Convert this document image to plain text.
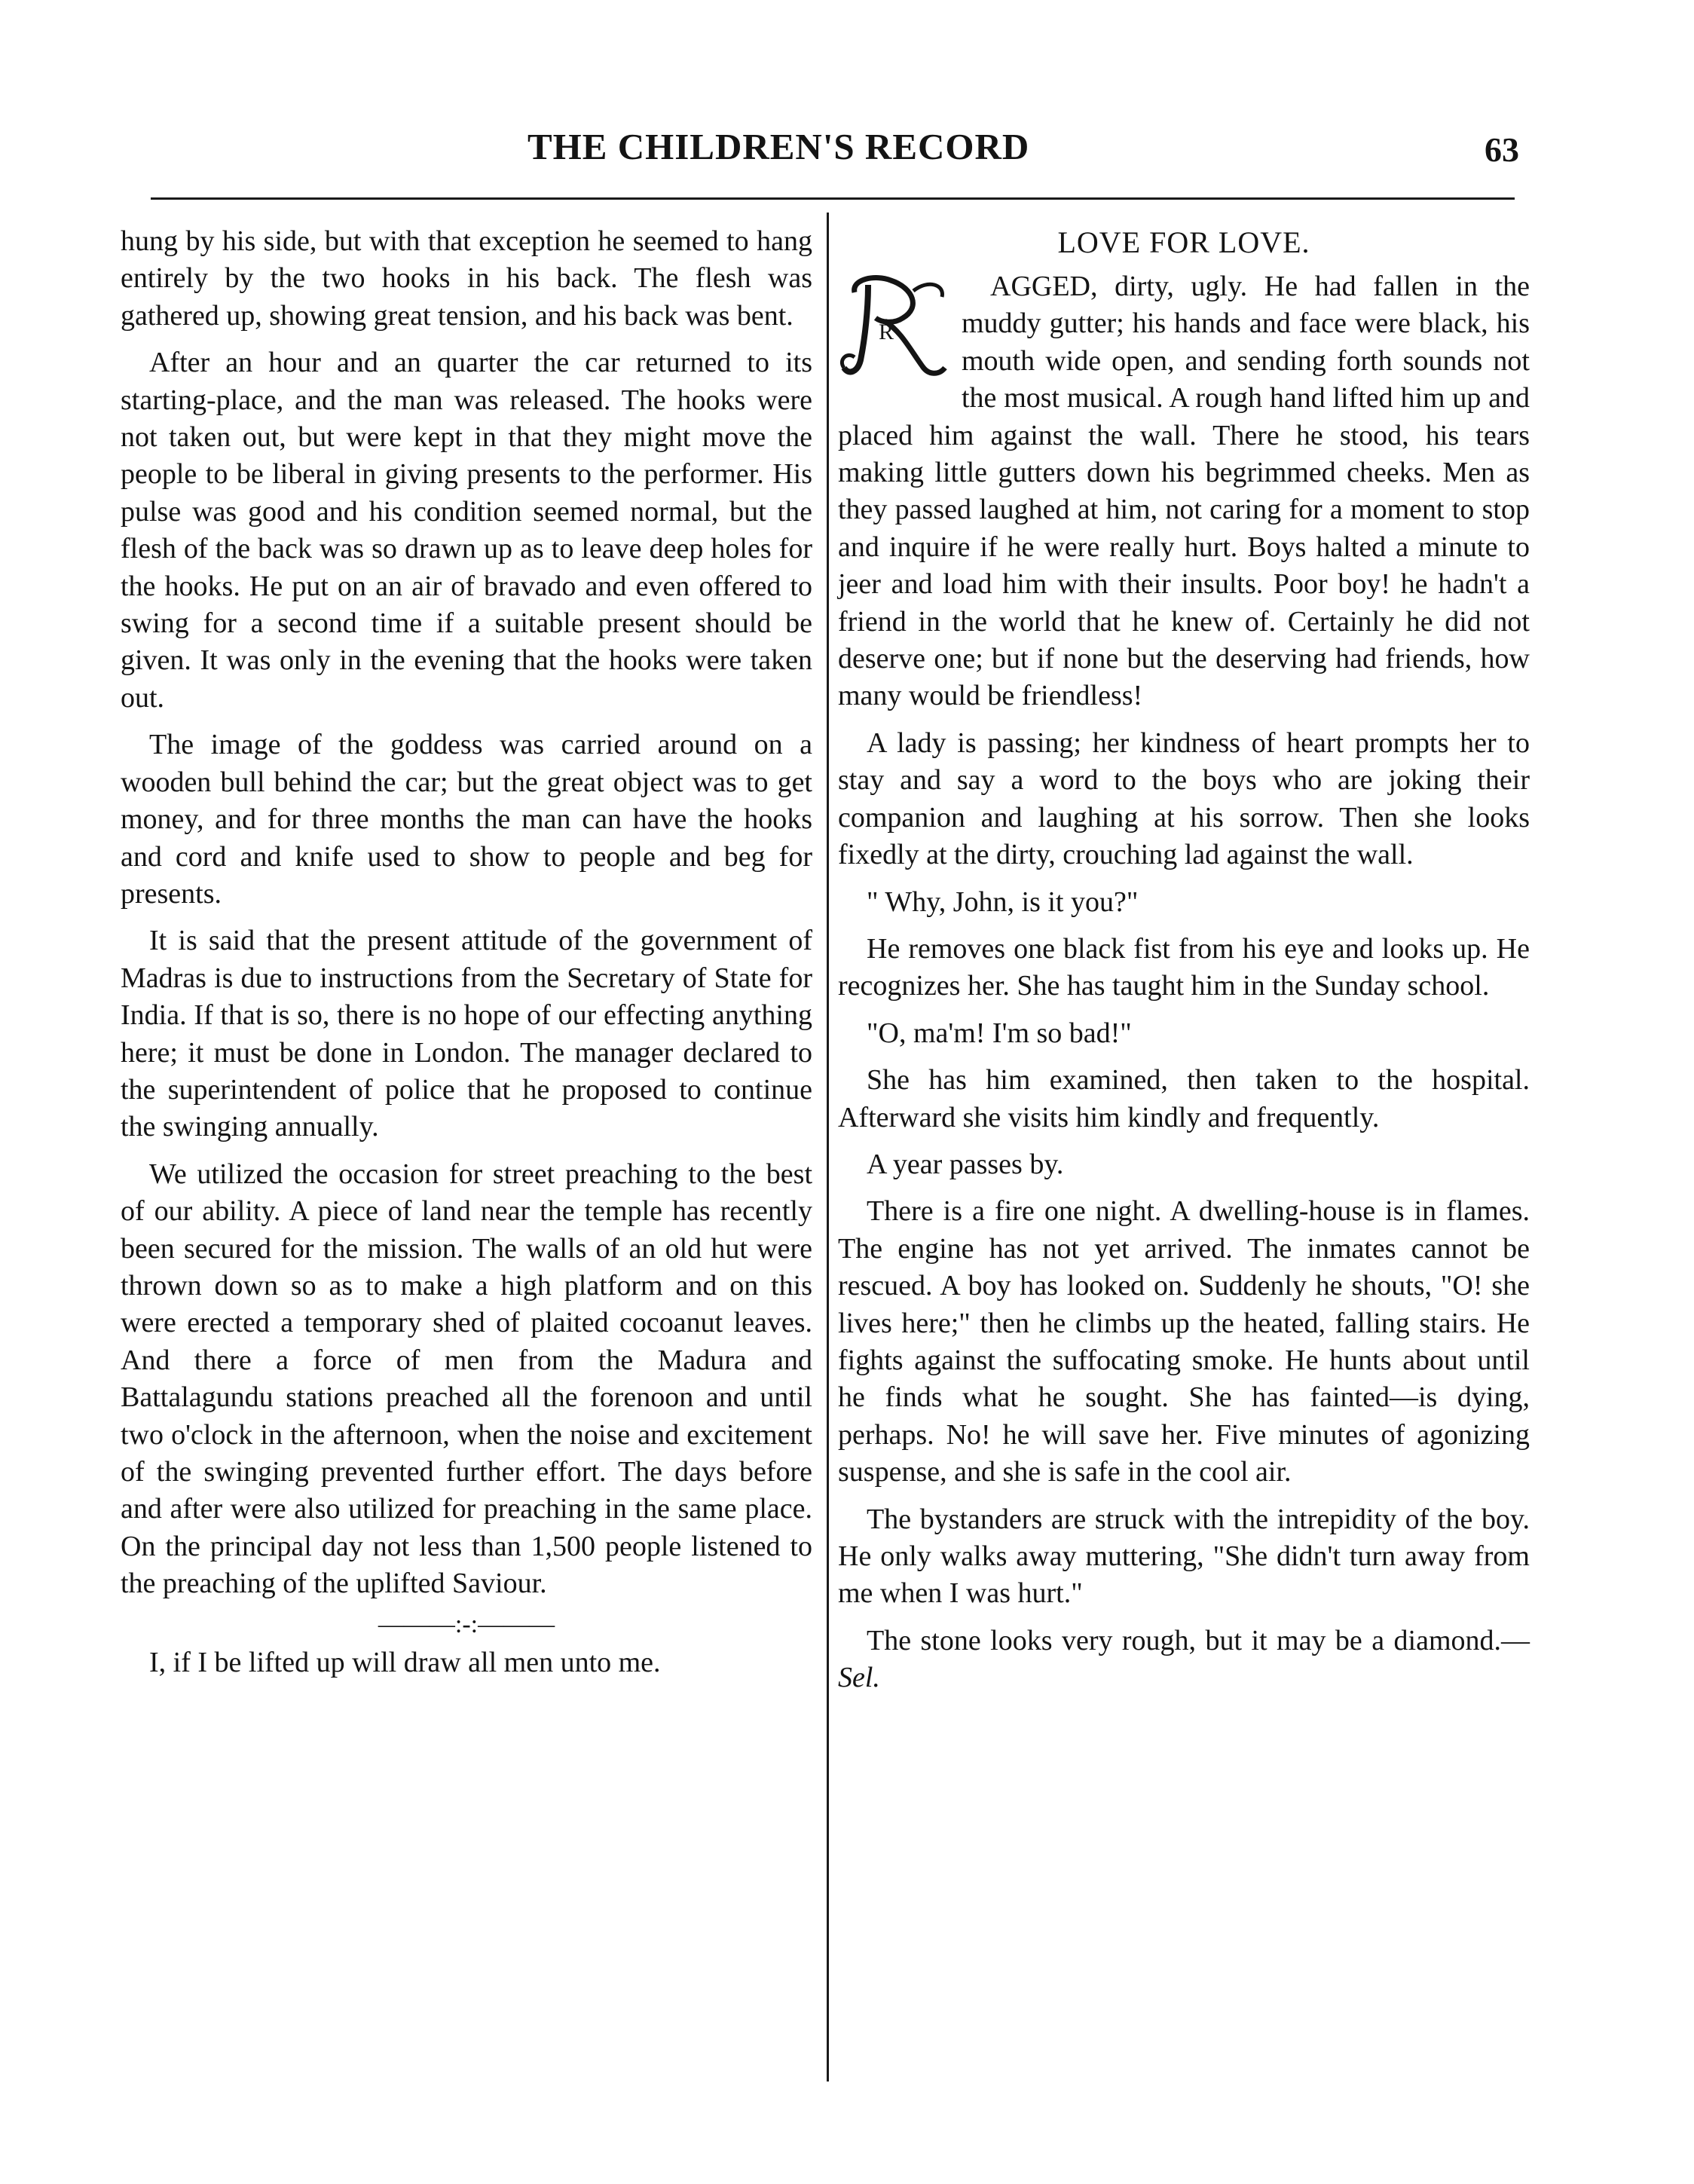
THE CHILDREN'S RECORD	63

hung by his side, but with that exception he seemed to hang entirely by the two hooks in his back. The flesh was gathered up, showing great tension, and his back was bent.

After an hour and an quarter the car returned to its starting-place, and the man was released. The hooks were not taken out, but were kept in that they might move the people to be liberal in giving presents to the performer. His pulse was good and his condition seemed normal, but the flesh of the back was so drawn up as to leave deep holes for the hooks. He put on an air of bravado and even offered to swing for a second time if a suitable present should be given. It was only in the evening that the hooks were taken out.

The image of the goddess was carried around on a wooden bull behind the car; but the great object was to get money, and for three months the man can have the hooks and cord and knife used to show to people and beg for presents.

It is said that the present attitude of the government of Madras is due to instructions from the Secretary of State for India. If that is so, there is no hope of our effecting anything here; it must be done in London. The manager declared to the superintendent of police that he proposed to continue the swinging annually.

We utilized the occasion for street preaching to the best of our ability. A piece of land near the temple has recently been secured for the mission. The walls of an old hut were thrown down so as to make a high platform and on this were erected a temporary shed of plaited cocoanut leaves. And there a force of men from the Madura and Battalagundu stations preached all the forenoon and until two o'clock in the afternoon, when the noise and excitement of the swinging prevented further effort. The days before and after were also utilized for preaching in the same place. On the principal day not less than 1,500 people listened to the preaching of the uplifted Saviour.

———:-:———

I, if I be lifted up will draw all men unto me.

LOVE FOR LOVE.

R
AGGED, dirty, ugly. He had fallen in the muddy gutter; his hands and face were black, his mouth wide open, and sending forth sounds not the most musical. A rough hand lifted him up and placed him against the wall. There he stood, his tears making little gutters down his begrimmed cheeks. Men as they passed laughed at him, not caring for a moment to stop and inquire if he were really hurt. Boys halted a minute to jeer and load him with their insults. Poor boy! he hadn't a friend in the world that he knew of. Certainly he did not deserve one; but if none but the deserving had friends, how many would be friendless!

A lady is passing; her kindness of heart prompts her to stay and say a word to the boys who are joking their companion and laughing at his sorrow. Then she looks fixedly at the dirty, crouching lad against the wall.

" Why, John, is it you?"

He removes one black fist from his eye and looks up. He recognizes her. She has taught him in the Sunday school.

"O, ma'm! I'm so bad!"

She has him examined, then taken to the hospital. Afterward she visits him kindly and frequently.

A year passes by.

There is a fire one night. A dwelling-house is in flames. The engine has not yet arrived. The inmates cannot be rescued. A boy has looked on. Suddenly he shouts, "O! she lives here;" then he climbs up the heated, falling stairs. He fights against the suffocating smoke. He hunts about until he finds what he sought. She has fainted—is dying, perhaps. No! he will save her. Five minutes of agonizing suspense, and she is safe in the cool air.

The bystanders are struck with the intrepidity of the boy. He only walks away muttering, "She didn't turn away from me when I was hurt."

The stone looks very rough, but it may be a diamond.—Sel.
